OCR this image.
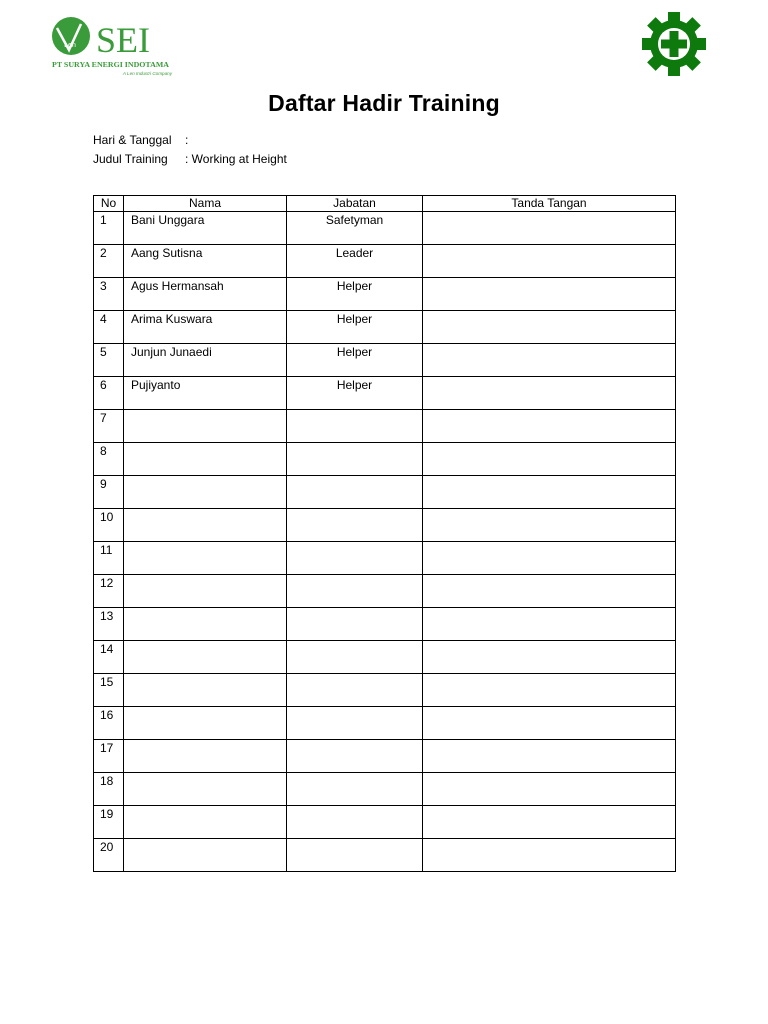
Len SEI
PT SURYA ENERGI INDOTAMA
A Len Industri Company
Daftar Hadir Training
Hari & Tanggal :
Judul Training : Working at Height
No	Nama	Jabatan	Tanda Tangan
1	Bani Unggara	Safetyman	
2	Aang Sutisna	Leader	
3	Agus Hermansah	Helper	
4	Arima Kuswara	Helper	
5	Junjun Junaedi	Helper	
6	Pujiyanto	Helper	
7			
8			
9			
10			
11			
12			
13			
14			
15			
16			
17			
18			
19			
20			
